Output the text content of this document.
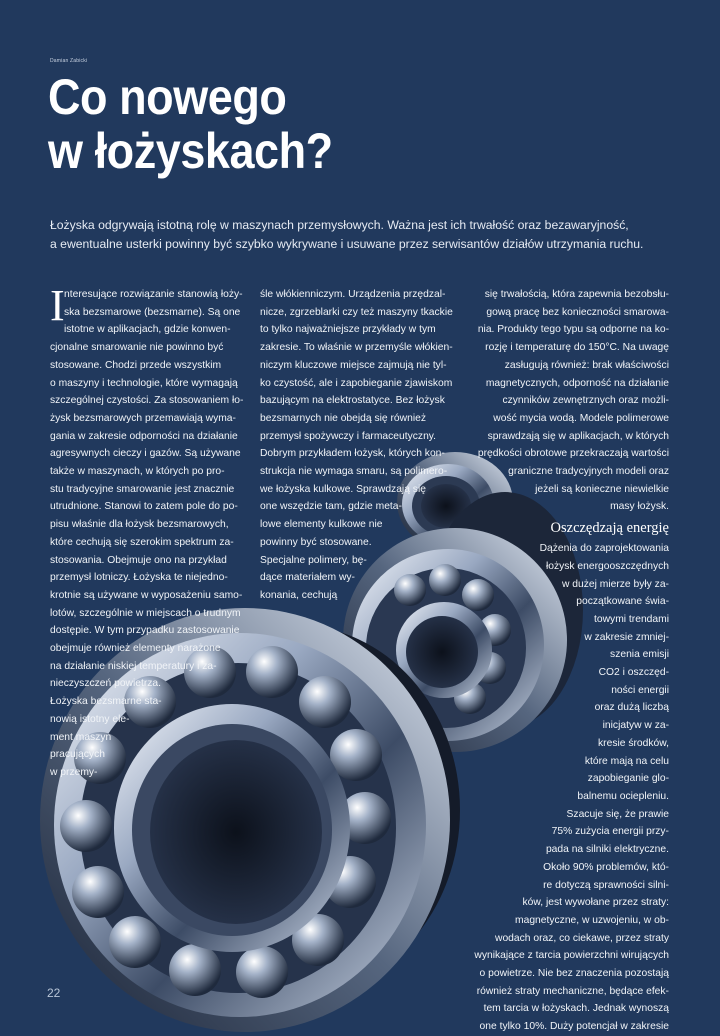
Damian Zabicki
Co nowego
w łożyskach?
Łożyska odgrywają istotną rolę w maszynach przemysłowych. Ważna jest ich trwałość oraz bezawaryjność,
a ewentualne usterki powinny być szybko wykrywane i usuwane przez serwisantów działów utrzymania ruchu.
I nteresujące rozwiązanie stanowią łoży-
ska bezsmarowe (bezsmarne). Są one
istotne w aplikacjach, gdzie konwen-
cjonalne smarowanie nie powinno być
stosowane. Chodzi przede wszystkim
o maszyny i technologie, które wymagają
szczególnej czystości. Za stosowaniem ło-
żysk bezsmarowych przemawiają wyma-
gania w zakresie odporności na działanie
agresywnych cieczy i gazów. Są używane
także w maszynach, w których po pro-
stu tradycyjne smarowanie jest znacznie
utrudnione. Stanowi to zatem pole do po-
pisu właśnie dla łożysk bezsmarowych,
które cechują się szerokim spektrum za-
stosowania. Obejmuje ono na przykład
przemysł lotniczy. Łożyska te niejedno-
krotnie są używane w wyposażeniu samo-
lotów, szczególnie w miejscach o trudnym
dostępie. W tym przypadku zastosowanie
obejmuje również elementy narażone
na działanie niskiej temperatury i za-
nieczyszczeń powietrza.
Łożyska bezsmarne sta-
nowią istotny ele-
ment maszyn
pracujących
w przemy-
śle włókienniczym. Urządzenia przędzal-
nicze, zgrzeblarki czy też maszyny tkackie
to tylko najważniejsze przykłady w tym
zakresie. To właśnie w przemyśle włókien-
niczym kluczowe miejsce zajmują nie tyl-
ko czystość, ale i zapobieganie zjawiskom
bazującym na elektrostatyce. Bez łożysk
bezsmarnych nie obejdą się również
przemysł spożywczy i farmaceutyczny.
Dobrym przykładem łożysk, których kon-
strukcja nie wymaga smaru, są polimero-
we łożyska kulkowe. Sprawdzają się
one wszędzie tam, gdzie meta-
lowe elementy kulkowe nie
powinny być stosowane.
Specjalne polimery, bę-
dące materiałem wy-
konania, cechują
się trwałością, która zapewnia bezobsłu-
gową pracę bez konieczności smarowa-
nia. Produkty tego typu są odporne na ko-
rozję i temperaturę do 150°C. Na uwagę
zasługują również: brak właściwości
magnetycznych, odporność na działanie
czynników zewnętrznych oraz możli-
wość mycia wodą. Modele polimerowe
sprawdzają się w aplikacjach, w których
prędkości obrotowe przekraczają wartości
graniczne tradycyjnych modeli oraz
jeżeli są konieczne niewielkie
masy łożysk.
Oszczędzają energię
Dążenia do zaprojektowania
łożysk energooszczędnych
w dużej mierze były za-
początkowane świa-
towymi trendami
w zakresie zmniej-
szenia emisji
CO2 i oszczęd-
ności energii
oraz dużą liczbą
inicjatyw w za-
kresie środków,
które mają na celu
zapobieganie glo-
balnemu ociepleniu.
Szacuje się, że prawie
75% zużycia energii przy-
pada na silniki elektryczne.
Około 90% problemów, któ-
re dotyczą sprawności silni-
ków, jest wywołane przez straty:
magnetyczne, w uzwojeniu, w ob-
wodach oraz, co ciekawe, przez straty
wynikające z tarcia powierzchni wirujących
o powietrze. Nie bez znaczenia pozostają
również straty mechaniczne, będące efek-
tem tarcia w łożyskach. Jednak wynoszą
one tylko 10%. Duży potencjał w zakresie
22
